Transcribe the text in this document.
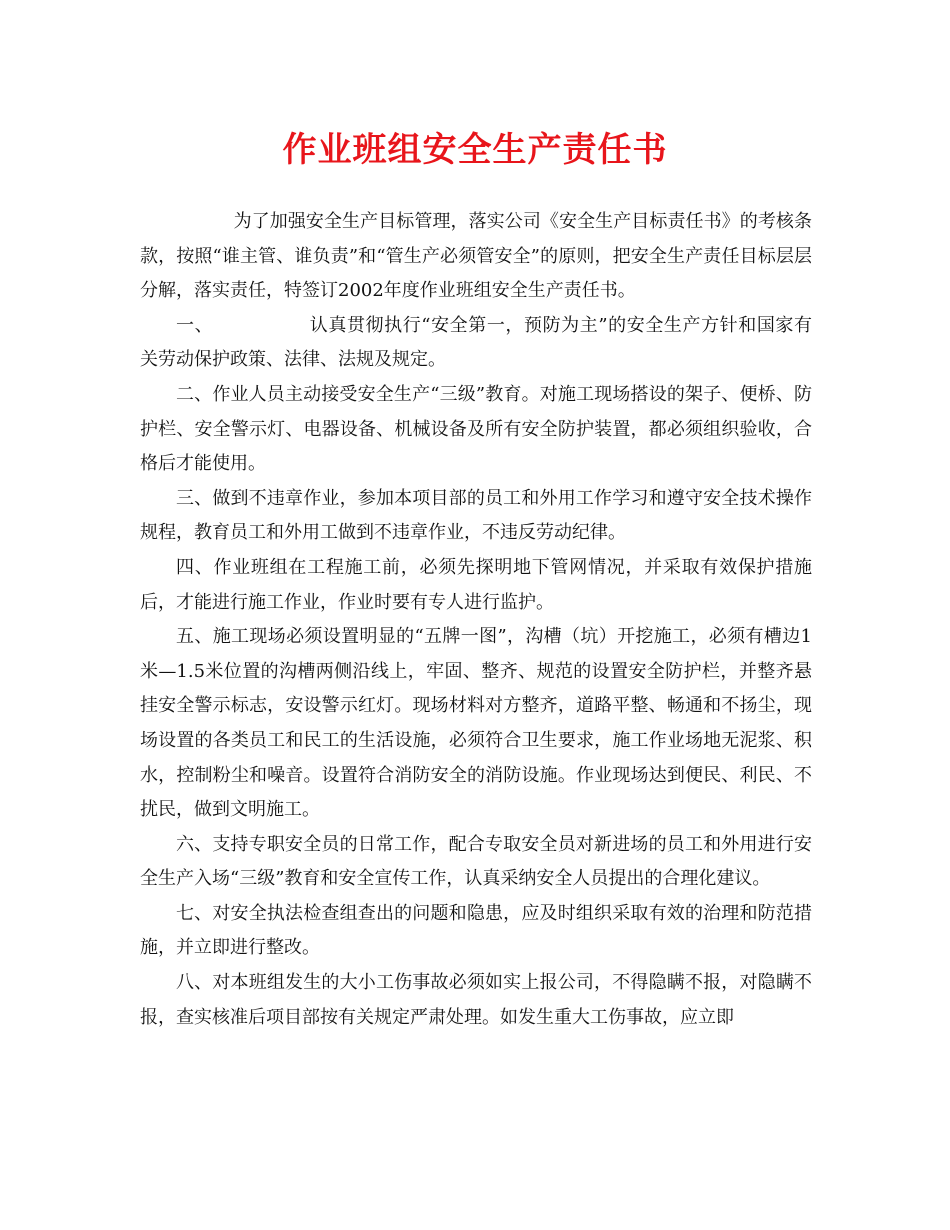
作业班组安全生产责任书

为了加强安全生产目标管理，落实公司《安全生产目标责任书》的考核条款，按照“谁主管、谁负责”和“管生产必须管安全”的原则，把安全生产责任目标层层分解，落实责任，特签订2002年度作业班组安全生产责任书。

一、	认真贯彻执行“安全第一，预防为主”的安全生产方针和国家有关劳动保护政策、法律、法规及规定。

二、作业人员主动接受安全生产“三级”教育。对施工现场搭设的架子、便桥、防护栏、安全警示灯、电器设备、机械设备及所有安全防护装置，都必须组织验收，合格后才能使用。

三、做到不违章作业，参加本项目部的员工和外用工作学习和遵守安全技术操作规程，教育员工和外用工做到不违章作业，不违反劳动纪律。

四、作业班组在工程施工前，必须先探明地下管网情况，并采取有效保护措施后，才能进行施工作业，作业时要有专人进行监护。

五、施工现场必须设置明显的“五牌一图”，沟槽（坑）开挖施工，必须有槽边1米—1.5米位置的沟槽两侧沿线上，牢固、整齐、规范的设置安全防护栏，并整齐悬挂安全警示标志，安设警示红灯。现场材料对方整齐，道路平整、畅通和不扬尘，现场设置的各类员工和民工的生活设施，必须符合卫生要求，施工作业场地无泥浆、积水，控制粉尘和噪音。设置符合消防安全的消防设施。作业现场达到便民、利民、不扰民，做到文明施工。

六、支持专职安全员的日常工作，配合专取安全员对新进场的员工和外用进行安全生产入场“三级”教育和安全宣传工作，认真采纳安全人员提出的合理化建议。

七、对安全执法检查组查出的问题和隐患，应及时组织采取有效的治理和防范措施，并立即进行整改。

八、对本班组发生的大小工伤事故必须如实上报公司，不得隐瞒不报，对隐瞒不报，查实核准后项目部按有关规定严肃处理。如发生重大工伤事故，应立即
